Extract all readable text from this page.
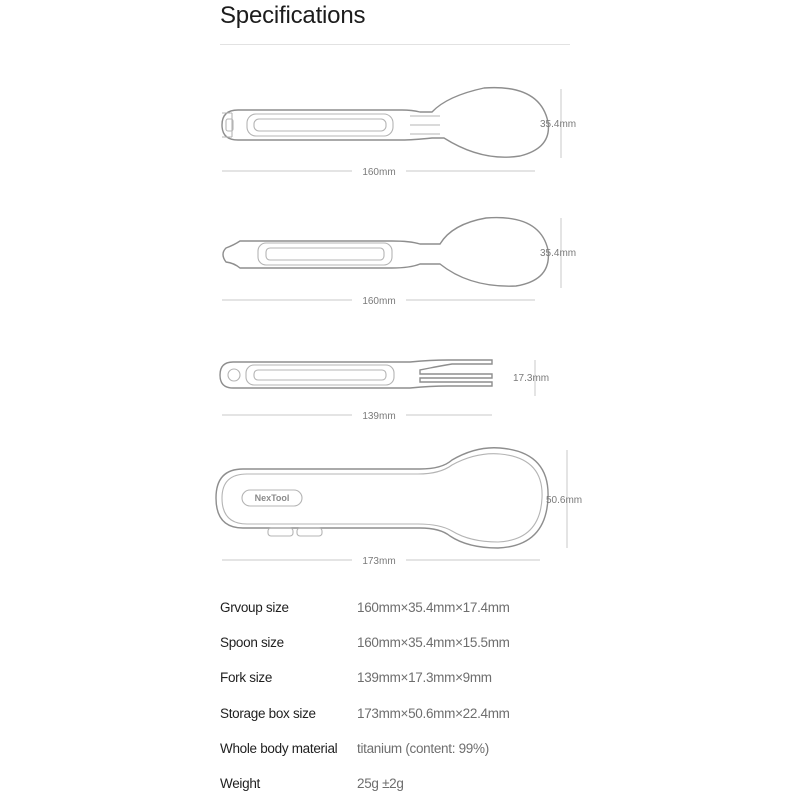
Specifications
160mm
35.4mm
160mm
35.4mm
139mm
17.3mm
NexTool
173mm
50.6mm
Grvoup size	160mm×35.4mm×17.4mm
Spoon size	160mm×35.4mm×15.5mm
Fork size	139mm×17.3mm×9mm
Storage box size	173mm×50.6mm×22.4mm
Whole body material	titanium (content: 99%)
Weight	25g ±2g
